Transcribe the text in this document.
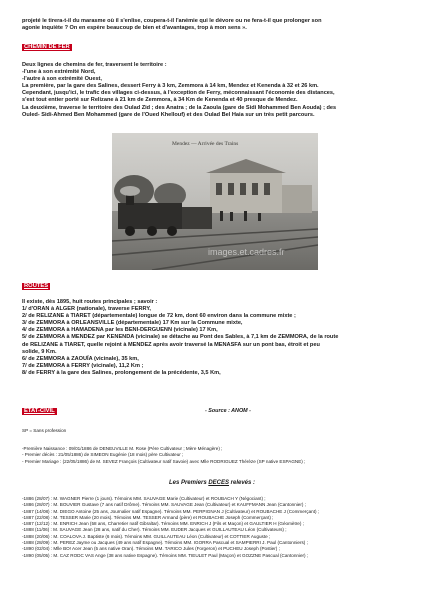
projeté le tirera-t-il du marasme où il s'enlise, coupera-t-il l'anémie qui le dévore ou ne fera-t-il que prolonger son

agonie inquiète ? On en espère beaucoup de bien et d'avantages, trop à mon sens ».

CHEMIN DE FER

Deux lignes de chemins de fer, traversent le territoire :

-l'une à son extrémité Nord,

-l'autre à son extrémité Ouest,

La première, par la gare des Salines, dessert Ferry à 3 km, Zemmora à 14 km, Mendez et Kenenda à 32 et 26 km.

Cependant, jusqu'ici, le trafic des villages ci-dessus, à l'exception de Ferry, méconnaissant l'économie des distances,

s'est tout entier porté sur Relizane à 21 km de Zemmora, à 34 Km de Kenenda et 40 presque de Mendez.

La deuxième, traverse le territoire des Oulad Zid ; des Anatra ; de la Zaouïa (gare de Sidi Mohammed Ben Aouda) ; des

Ouled- Sidi-Ahmed Ben Mohammed (gare de l'Oued Khellouf) et des Oulad Bel Haia sur un très petit parcours.

Mendez — Arrivée des Trains
images.et.cadres.fr
ROUTES

Il existe, dès 1895, huit routes principales ; savoir :

1/ d'ORAN à ALGER (nationale), traverse FERRY,

2/ de RELIZANE à TIARET (départementale) longue de 72 km, dont 60 environ dans la commune mixte ;

3/ de ZEMMORA à ORLEANSVILLE (départementale) 17 Km sur la Commune mixte,

4/ de ZEMMORA à HAMADENA par les BENI-DERGUENN (vicinale) 17 Km,

5/ de ZEMMORA à MENDEZ par KENENDA (vicinale) se détache au Pont des Sables, à 7,1 km de ZEMMORA, de la route

de RELIZANE à TIARET, quelle rejoint à MENDEZ après avoir traversé la MENASFA sur un pont bas, étroit et peu

solide, 9 Km.

6/ de ZEMMORA à ZAOUÏA (vicinale), 35 km,

7/ de ZEMMORA à FERRY (vicinale), 11,2 Km ;

8/ de FERRY à la gare des Salines, prolongement de la précédente, 3,5 Km,

ETAT-CIVIL	- Source : ANOM -

SP = Sans profession

-Première Naissance : 09/01/1886 de DENEUVILLE M. Rose (Père Cultivateur ; Mère Ménagère) ;

- Premier décès : 21/05/1886) de SIMEON Eugénie (18 mois) père Cultivateur ;

- Premier Mariage : (22/05/1886) de M. SEVEZ François (Cultivateur natif Savoie) avec Mlle RODRIGUEZ Thérèze (SP native ESPAGNE) ;

Les Premiers DECES relevés :

-1886 (28/07) : M. WAGNER Pierre (1 jours). Témoins MM. SAUVAGE Marie (Cultivateur) et ROUBACH Y (Négociant) ;

-1886 (28/07) : M. BOUVIER Gustave (7 ans natif Drôme). Témoins MM. SAUVAGE Jean (Cultivateur) et KAUFFMANN Jean (Cantonnier) ;

-1887 (14/08) : M. DIEGO Antoine (25 ans, Journalier natif Espagne). Témoins MM. PERPIGNAN J (Cultivateur) et ROUBACHE J (Commerçant) ;

-1887 (22/08) : M. TESSER Marie (20 mois). Témoins MM. TESSER Armand (père) et ROUBACHE Joseph (Commerçant) ;

-1887 (12/12) : M. ENRICH Jean (58 ans, Charretier natif Gibraltar). Témoins MM. ENRICH J (Fils et Maçon) et GAULTIER H (Géomètre) ;

-1888 (11/06) : M. SAUVAGE Jean (28 ans, natif du Cher). Témoins MM. EUDER Jacques et GUILLAUTEAU Léon (Cultivateurs) ;

-1888 (20/06) : M. COALOVA J. Baptiste (6 mois). Témoins MM. GUILLAUTEAU Léon (Cultivateur) et COTTIER Auguste ;

-1888 (28/09) : M. PEREZ Jayme ou Jacques (49 ans natif Espagne). Témoins MM. IGORRA Pascual et SAMPIERRI J. Paul (Cantonniers) ;

-1890 (02/04) : Mlle BO! Acer Jean (5 ans native Oran). Témoins MM. TARICO Jules (Forgeron) et PUCHEU Joseph (Postier) ;

-1890 (05/05) : M. CAZ RODC VAS Ange (38 ans native Espagne). Témoins MM. TIEULET Paul (Maçon) et GOZZNE Pascual (Cantonnier) ;
